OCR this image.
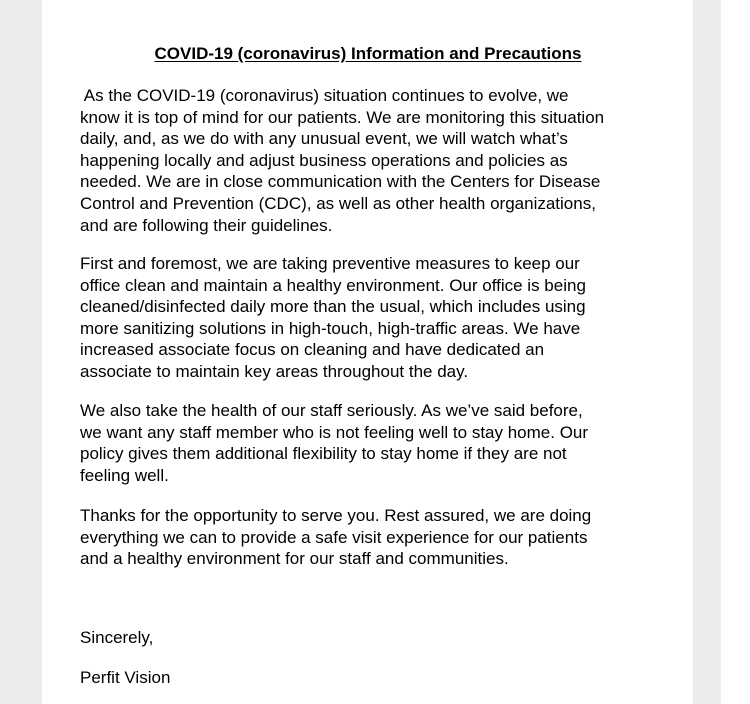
COVID-19 (coronavirus) Information and Precautions

As the COVID-19 (coronavirus) situation continues to evolve, we
know it is top of mind for our patients. We are monitoring this situation
daily, and, as we do with any unusual event, we will watch what’s
happening locally and adjust business operations and policies as
needed. We are in close communication with the Centers for Disease
Control and Prevention (CDC), as well as other health organizations,
and are following their guidelines.

First and foremost, we are taking preventive measures to keep our
office clean and maintain a healthy environment. Our office is being
cleaned/disinfected daily more than the usual, which includes using
more sanitizing solutions in high-touch, high-traffic areas. We have
increased associate focus on cleaning and have dedicated an
associate to maintain key areas throughout the day.

We also take the health of our staff seriously. As we’ve said before,
we want any staff member who is not feeling well to stay home. Our
policy gives them additional flexibility to stay home if they are not
feeling well.

Thanks for the opportunity to serve you. Rest assured, we are doing
everything we can to provide a safe visit experience for our patients
and a healthy environment for our staff and communities.

Sincerely,

Perfit Vision
